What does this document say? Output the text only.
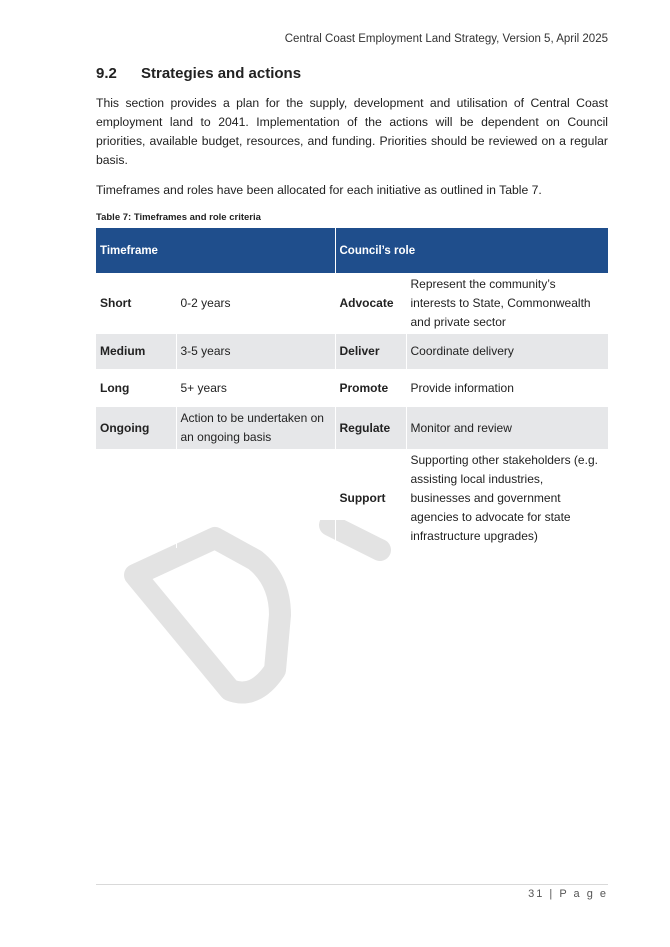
Central Coast Employment Land Strategy, Version 5, April 2025
9.2 Strategies and actions

This section provides a plan for the supply, development and utilisation of Central Coast employment land to 2041. Implementation of the actions will be dependent on Council priorities, available budget, resources, and funding. Priorities should be reviewed on a regular basis.

Timeframes and roles have been allocated for each initiative as outlined in Table 7.

Table 7: Timeframes and role criteria
Timeframe		Council’s role	
Short	0-2 years	Advocate	Represent the community’s interests to State, Commonwealth and private sector
Medium	3-5 years	Deliver	Coordinate delivery
Long	5+ years	Promote	Provide information
Ongoing	Action to be undertaken on an ongoing basis	Regulate	Monitor and review
		Support	Supporting other stakeholders (e.g. assisting local industries, businesses and government agencies to advocate for state infrastructure upgrades)
31 | P a g e
